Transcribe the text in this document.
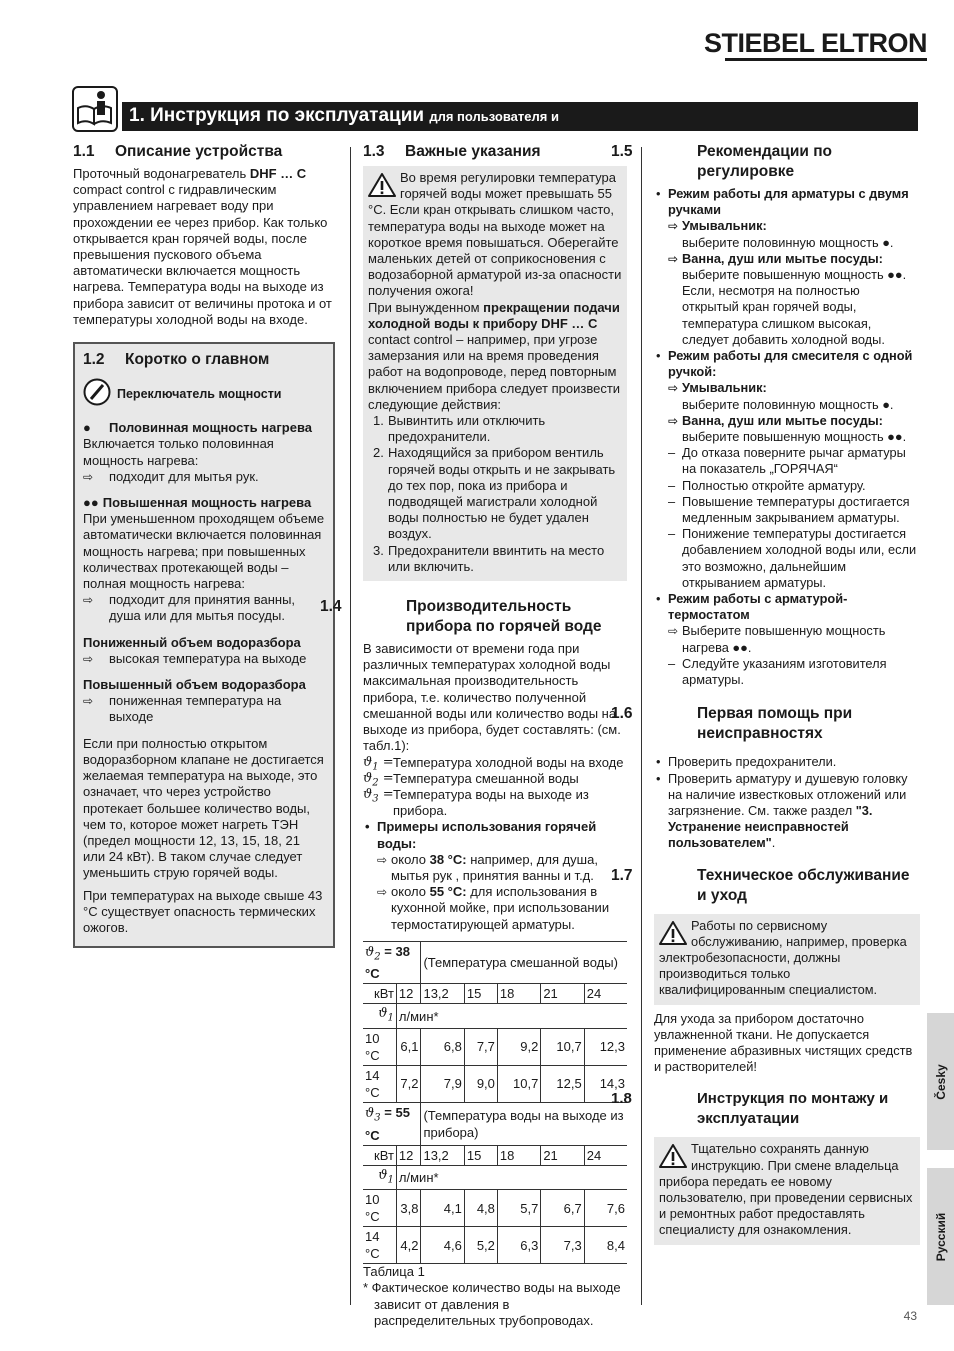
STIEBEL ELTRON
1. Инструкция по эксплуатации для пользователя и
1.1 Описание устройства

Проточный водонагреватель DHF … C compact control с гидравлическим управлением нагревает воду при прохождении ее через прибор. Как только открывается кран горячей воды, после превышения пускового объема автоматически включается мощность нагрева. Температура воды на выходе из прибора зависит от величины протока и от температуры холодной воды на входе.

1.2 Коротко о главном
Переключатель мощности

● Половинная мощность нагрева

Включается только половинная мощность нагрева:

⇨ подходит для мытья рук.

●● Повышенная мощность нагрева

При уменьшенном проходящем объеме автоматически включается половинная мощность нагрева; при повышенных количествах протекающей воды – полная мощность нагрева:

⇨ подходит для принятия ванны, душа или для мытья посуды.

Пониженный объем водоразбора

⇨ высокая температура на выходе

Повышенный объем водоразбора

⇨ пониженная температура на выходе

Если при полностью открытом водоразборном клапане не достигается желаемая температура на выходе, это означает, что через устройство протекает большее количество воды, чем то, которое может нагреть ТЭН (предел мощности 12, 13, 15, 18, 21 или 24 кВт). В таком случае следует уменьшить струю горячей воды.

При температурах на выходе свыше 43 °C существует опасность термических ожогов.

1.3 Важные указания

Во время регулировки температура горячей воды может превышать 55 °C. Если кран открывать слишком часто, температура воды на выходе может на короткое время повышаться. Оберегайте маленьких детей от соприкосновения с водозаборной арматурой из-за опасности получения ожога!

При вынужденном прекращении подачи холодной воды к прибору DHF … C contact control – например, при угрозе замерзания или на время проведения работ на водопроводе, перед повторным включением прибора следует произвести следующие действия:

1. Вывинтить или отключить предохранители.
2. Находящийся за прибором вентиль горячей воды открыть и не закрывать до тех пор, пока из прибора и подводящей магистрали холодной воды полностью не будет удален воздух.
3. Предохранители ввинтить на место или включить.
1.4	Производительность прибора по горячей воде

В зависимости от времени года при различных температурах холодной воды максимальная производительность прибора, т.е. количество полученной смешанной воды или количество воды на выходе из прибора, будет составлять: (см. табл.1):

$ϑ_1$ = Температура холодной воды на входе
$ϑ_2$ = Температура смешанной воды
$ϑ_3$ = Температура воды на выходе из прибора.
• Примеры использования горячей воды:

⇨ около 38 °C: например, для душа, мытья рук , принятия ванны и т.д.

⇨ около 55 °C: для использования в кухонной мойке, при использовании термостатирующей арматуры.

$ϑ_2 = 38$ °C		(Температура смешанной воды)				
кВт	12	13,2	15	18	21	24
$ϑ_1$	л/мин*					
10 °C	6,1	6,8	7,7	9,2	10,7	12,3
14 °C	7,2	7,9	9,0	10,7	12,5	14,3
$ϑ_3 = 55$ °C		(Температура воды на выходе из прибора)				
кВт	12	13,2	15	18	21	24
$ϑ_1$	л/мин*					
10 °C	3,8	4,1	4,8	5,7	6,7	7,6
14 °C	4,2	4,6	5,2	6,3	7,3	8,4

Таблица 1

* Фактическое количество воды на выходе зависит от давления в распределительных трубопроводах.

1.5	Рекомендации по регулировке
• Режим работы для арматуры с двумя ручками
⇨ Умывальник:
выберите половинную мощность ●.
⇨ Ванна, душ или мытье посуды:
выберите повышенную мощность ●●. Если, несмотря на полностью открытый кран горячей воды, температура слишком высокая, следует добавить холодной воды.
• Режим работы для смесителя с одной ручкой:
⇨ Умывальник:
выберите половинную мощность ●.
⇨ Ванна, душ или мытье посуды:
выберите повышенную мощность ●●.
– До отказа поверните рычаг арматуры на показатель „ГОРЯЧАЯ“
– Полностью откройте арматуру.
– Повышение температуры достигается медленным закрыванием арматуры.
– Понижение температуры достигается добавлением холодной воды или, если это возможно, дальнейшим открыванием арматуры.
• Режим работы с арматурой-термостатом
⇨ Выберите повышенную мощность нагрева ●●.
– Следуйте указаниям изготовителя арматуры.
1.6	Первая помощь при неисправностях
• Проверить предохранители.
• Проверить арматуру и душевую головку на наличие известковых отложений или загрязнение. См. также раздел "3. Устранение неисправностей пользователем".
1.7	Техническое обслуживание и уход

Работы по сервисному обслуживанию, например, проверка электробезопасности, должны производиться только квалифицированным специалистом.

Для ухода за прибором достаточно увлажненной ткани. Не допускается применение абразивных чистящих средств и растворителей!

1.8	Инструкция по монтажу и эксплуатации

Тщательно сохранять данную инструкцию. При смене владельца прибора передать ее новому пользователю, при проведении сервисных и ремонтных работ предоставлять специалисту для ознакомления.

Česky
Русский
43
